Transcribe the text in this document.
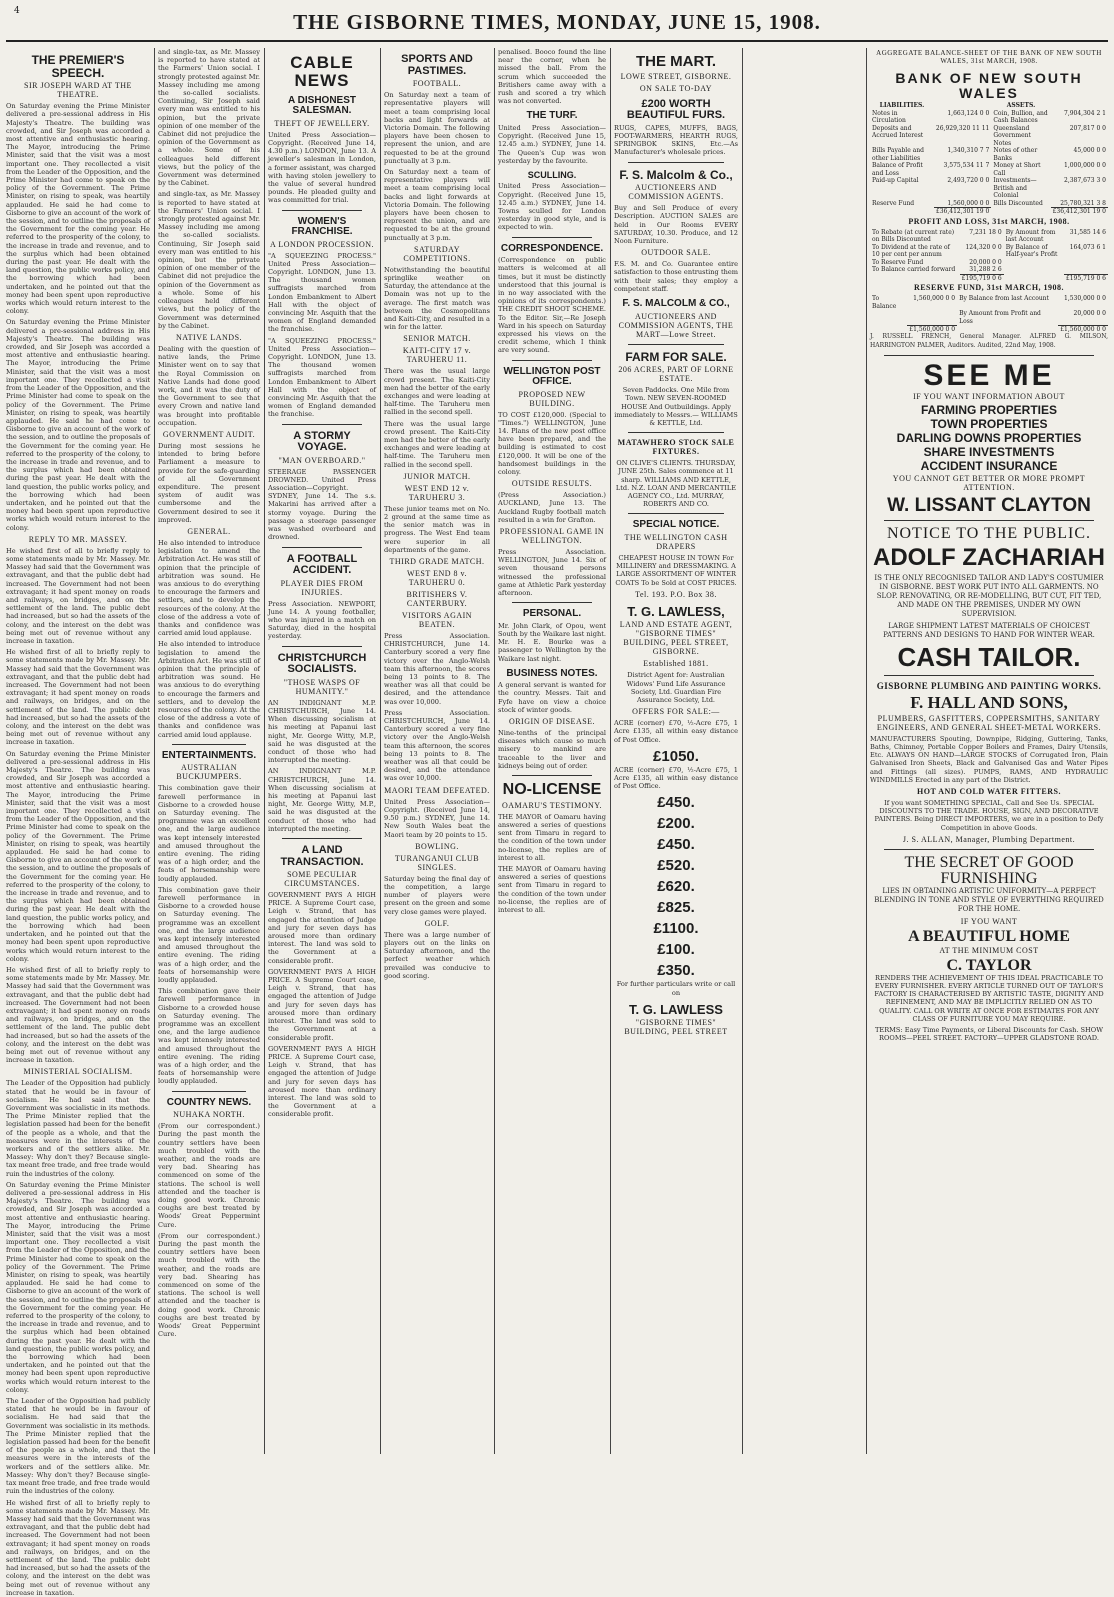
4	THE GISBORNE TIMES, MONDAY, JUNE 15, 1908.
THE PREMIER'S SPEECH.
SIR JOSEPH WARD AT THE THEATRE.

On Saturday evening the Prime Minister delivered a pre-sessional address in His Majesty's Theatre. The building was crowded, and Sir Joseph was accorded a most attentive and enthusiastic hearing. The Mayor, introducing the Prime Minister, said that the visit was a most important one. They recollected a visit from the Leader of the Opposition, and the Prime Minister had come to speak on the policy of the Government. The Prime Minister, on rising to speak, was heartily applauded. He said he had come to Gisborne to give an account of the work of the session, and to outline the proposals of the Government for the coming year. He referred to the prosperity of the colony, to the increase in trade and revenue, and to the surplus which had been obtained during the past year. He dealt with the land question, the public works policy, and the borrowing which had been undertaken, and he pointed out that the money had been spent upon reproductive works which would return interest to the colony.

On Saturday evening the Prime Minister delivered a pre-sessional address in His Majesty's Theatre. The building was crowded, and Sir Joseph was accorded a most attentive and enthusiastic hearing. The Mayor, introducing the Prime Minister, said that the visit was a most important one. They recollected a visit from the Leader of the Opposition, and the Prime Minister had come to speak on the policy of the Government. The Prime Minister, on rising to speak, was heartily applauded. He said he had come to Gisborne to give an account of the work of the session, and to outline the proposals of the Government for the coming year. He referred to the prosperity of the colony, to the increase in trade and revenue, and to the surplus which had been obtained during the past year. He dealt with the land question, the public works policy, and the borrowing which had been undertaken, and he pointed out that the money had been spent upon reproductive works which would return interest to the colony.

REPLY TO MR. MASSEY.

He wished first of all to briefly reply to some statements made by Mr. Massey. Mr. Massey had said that the Government was extravagant, and that the public debt had increased. The Government had not been extravagant; it had spent money on roads and railways, on bridges, and on the settlement of the land. The public debt had increased, but so had the assets of the colony, and the interest on the debt was being met out of revenue without any increase in taxation.

He wished first of all to briefly reply to some statements made by Mr. Massey. Mr. Massey had said that the Government was extravagant, and that the public debt had increased. The Government had not been extravagant; it had spent money on roads and railways, on bridges, and on the settlement of the land. The public debt had increased, but so had the assets of the colony, and the interest on the debt was being met out of revenue without any increase in taxation.

On Saturday evening the Prime Minister delivered a pre-sessional address in His Majesty's Theatre. The building was crowded, and Sir Joseph was accorded a most attentive and enthusiastic hearing. The Mayor, introducing the Prime Minister, said that the visit was a most important one. They recollected a visit from the Leader of the Opposition, and the Prime Minister had come to speak on the policy of the Government. The Prime Minister, on rising to speak, was heartily applauded. He said he had come to Gisborne to give an account of the work of the session, and to outline the proposals of the Government for the coming year. He referred to the prosperity of the colony, to the increase in trade and revenue, and to the surplus which had been obtained during the past year. He dealt with the land question, the public works policy, and the borrowing which had been undertaken, and he pointed out that the money had been spent upon reproductive works which would return interest to the colony.

He wished first of all to briefly reply to some statements made by Mr. Massey. Mr. Massey had said that the Government was extravagant, and that the public debt had increased. The Government had not been extravagant; it had spent money on roads and railways, on bridges, and on the settlement of the land. The public debt had increased, but so had the assets of the colony, and the interest on the debt was being met out of revenue without any increase in taxation.

MINISTERIAL SOCIALISM.

The Leader of the Opposition had publicly stated that he would be in favour of socialism. He had said that the Government was socialistic in its methods. The Prime Minister replied that the legislation passed had been for the benefit of the people as a whole, and that the measures were in the interests of the workers and of the settlers alike. Mr. Massey: Why don't they? Because single-tax meant free trade, and free trade would ruin the industries of the colony.

On Saturday evening the Prime Minister delivered a pre-sessional address in His Majesty's Theatre. The building was crowded, and Sir Joseph was accorded a most attentive and enthusiastic hearing. The Mayor, introducing the Prime Minister, said that the visit was a most important one. They recollected a visit from the Leader of the Opposition, and the Prime Minister had come to speak on the policy of the Government. The Prime Minister, on rising to speak, was heartily applauded. He said he had come to Gisborne to give an account of the work of the session, and to outline the proposals of the Government for the coming year. He referred to the prosperity of the colony, to the increase in trade and revenue, and to the surplus which had been obtained during the past year. He dealt with the land question, the public works policy, and the borrowing which had been undertaken, and he pointed out that the money had been spent upon reproductive works which would return interest to the colony.

The Leader of the Opposition had publicly stated that he would be in favour of socialism. He had said that the Government was socialistic in its methods. The Prime Minister replied that the legislation passed had been for the benefit of the people as a whole, and that the measures were in the interests of the workers and of the settlers alike. Mr. Massey: Why don't they? Because single-tax meant free trade, and free trade would ruin the industries of the colony.

He wished first of all to briefly reply to some statements made by Mr. Massey. Mr. Massey had said that the Government was extravagant, and that the public debt had increased. The Government had not been extravagant; it had spent money on roads and railways, on bridges, and on the settlement of the land. The public debt had increased, but so had the assets of the colony, and the interest on the debt was being met out of revenue without any increase in taxation.

and single-tax, as Mr. Massey is reported to have stated at the Farmers' Union social. I strongly protested against Mr. Massey including me among the so-called socialists. Continuing, Sir Joseph said every man was entitled to his opinion, but the private opinion of one member of the Cabinet did not prejudice the opinion of the Government as a whole. Some of his colleagues held different views, but the policy of the Government was determined by the Cabinet.

and single-tax, as Mr. Massey is reported to have stated at the Farmers' Union social. I strongly protested against Mr. Massey including me among the so-called socialists. Continuing, Sir Joseph said every man was entitled to his opinion, but the private opinion of one member of the Cabinet did not prejudice the opinion of the Government as a whole. Some of his colleagues held different views, but the policy of the Government was determined by the Cabinet.

NATIVE LANDS.

Dealing with the question of native lands, the Prime Minister went on to say that the Royal Commission on Native Lands had done good work, and it was the duty of the Government to see that every Crown and native land was brought into profitable occupation.

GOVERNMENT AUDIT.

During most sessions he intended to bring before Parliament a measure to provide for the safe-guarding of all Government expenditure. The present system of audit was cumbersome and the Government desired to see it improved.

GENERAL.

He also intended to introduce legislation to amend the Arbitration Act. He was still of opinion that the principle of arbitration was sound. He was anxious to do everything to encourage the farmers and settlers, and to develop the resources of the colony. At the close of the address a vote of thanks and confidence was carried amid loud applause.

He also intended to introduce legislation to amend the Arbitration Act. He was still of opinion that the principle of arbitration was sound. He was anxious to do everything to encourage the farmers and settlers, and to develop the resources of the colony. At the close of the address a vote of thanks and confidence was carried amid loud applause.

ENTERTAINMENTS.
AUSTRALIAN BUCKJUMPERS.

This combination gave their farewell performance in Gisborne to a crowded house on Saturday evening. The programme was an excellent one, and the large audience was kept intensely interested and amused throughout the entire evening. The riding was of a high order, and the feats of horsemanship were loudly applauded.

This combination gave their farewell performance in Gisborne to a crowded house on Saturday evening. The programme was an excellent one, and the large audience was kept intensely interested and amused throughout the entire evening. The riding was of a high order, and the feats of horsemanship were loudly applauded.

This combination gave their farewell performance in Gisborne to a crowded house on Saturday evening. The programme was an excellent one, and the large audience was kept intensely interested and amused throughout the entire evening. The riding was of a high order, and the feats of horsemanship were loudly applauded.

COUNTRY NEWS.
NUHAKA NORTH.

(From our correspondent.) During the past month the country settlers have been much troubled with the weather, and the roads are very bad. Shearing has commenced on some of the stations. The school is well attended and the teacher is doing good work. Chronic coughs are best treated by Woods' Great Peppermint Cure.

(From our correspondent.) During the past month the country settlers have been much troubled with the weather, and the roads are very bad. Shearing has commenced on some of the stations. The school is well attended and the teacher is doing good work. Chronic coughs are best treated by Woods' Great Peppermint Cure.

CABLE NEWS
A DISHONEST SALESMAN.
THEFT OF JEWELLERY.

United Press Association—Copyright. (Received June 14, 4.30 p.m.) LONDON, June 13. A jeweller's salesman in London, a former assistant, was charged with having stolen jewellery to the value of several hundred pounds. He pleaded guilty and was committed for trial.

WOMEN'S FRANCHISE.
A LONDON PROCESSION.

"A SQUEEZING PROCESS." United Press Association—Copyright. LONDON, June 13. The thousand women suffragists marched from London Embankment to Albert Hall with the object of convincing Mr. Asquith that the women of England demanded the franchise.

"A SQUEEZING PROCESS." United Press Association—Copyright. LONDON, June 13. The thousand women suffragists marched from London Embankment to Albert Hall with the object of convincing Mr. Asquith that the women of England demanded the franchise.

A STORMY VOYAGE.
"MAN OVERBOARD."

STEERAGE PASSENGER DROWNED. United Press Association—Copyright. SYDNEY, June 14. The s.s. Makarini has arrived after a stormy voyage. During the passage a steerage passenger was washed overboard and drowned.

A FOOTBALL ACCIDENT.
PLAYER DIES FROM INJURIES.

Press Association. NEWPORT, June 14. A young footballer, who was injured in a match on Saturday, died in the hospital yesterday.

CHRISTCHURCH SOCIALISTS.
"THOSE WASPS OF HUMANITY."

AN INDIGNANT M.P. CHRISTCHURCH, June 14. When discussing socialism at his meeting at Papanui last night, Mr. George Witty, M.P., said he was disgusted at the conduct of those who had interrupted the meeting.

AN INDIGNANT M.P. CHRISTCHURCH, June 14. When discussing socialism at his meeting at Papanui last night, Mr. George Witty, M.P., said he was disgusted at the conduct of those who had interrupted the meeting.

A LAND TRANSACTION.
SOME PECULIAR CIRCUMSTANCES.

GOVERNMENT PAYS A HIGH PRICE. A Supreme Court case, Leigh v. Strand, that has engaged the attention of Judge and jury for seven days has aroused more than ordinary interest. The land was sold to the Government at a considerable profit.

GOVERNMENT PAYS A HIGH PRICE. A Supreme Court case, Leigh v. Strand, that has engaged the attention of Judge and jury for seven days has aroused more than ordinary interest. The land was sold to the Government at a considerable profit.

GOVERNMENT PAYS A HIGH PRICE. A Supreme Court case, Leigh v. Strand, that has engaged the attention of Judge and jury for seven days has aroused more than ordinary interest. The land was sold to the Government at a considerable profit.

SPORTS AND PASTIMES.
FOOTBALL.

On Saturday next a team of representative players will meet a team comprising local backs and light forwards at Victoria Domain. The following players have been chosen to represent the union, and are requested to be at the ground punctually at 3 p.m.

On Saturday next a team of representative players will meet a team comprising local backs and light forwards at Victoria Domain. The following players have been chosen to represent the union, and are requested to be at the ground punctually at 3 p.m.

SATURDAY COMPETITIONS.

Notwithstanding the beautiful springlike weather on Saturday, the attendance at the Domain was not up to the average. The first match was between the Cosmopolitans and Kaiti-City, and resulted in a win for the latter.

SENIOR MATCH.
KAITI-CITY 17 v. TARUHERU 11.

There was the usual large crowd present. The Kaiti-City men had the better of the early exchanges and were leading at half-time. The Taruheru men rallied in the second spell.

There was the usual large crowd present. The Kaiti-City men had the better of the early exchanges and were leading at half-time. The Taruheru men rallied in the second spell.

JUNIOR MATCH.
WEST END 12 v. TARUHERU 3.

These junior teams met on No. 2 ground at the same time as the senior match was in progress. The West End team were superior in all departments of the game.

THIRD GRADE MATCH.
WEST END 8 v. TARUHERU 0.
BRITISHERS V. CANTERBURY.
VISITORS AGAIN BEATEN.

Press Association. CHRISTCHURCH, June 14. Canterbury scored a very fine victory over the Anglo-Welsh team this afternoon, the scores being 13 points to 8. The weather was all that could be desired, and the attendance was over 10,000.

Press Association. CHRISTCHURCH, June 14. Canterbury scored a very fine victory over the Anglo-Welsh team this afternoon, the scores being 13 points to 8. The weather was all that could be desired, and the attendance was over 10,000.

MAORI TEAM DEFEATED.

United Press Association—Copyright. (Received June 14, 9.50 p.m.) SYDNEY, June 14. New South Wales beat the Maori team by 20 points to 15.

BOWLING.
TURANGANUI CLUB SINGLES.

Saturday being the final day of the competition, a large number of players were present on the green and some very close games were played.

GOLF.

There was a large number of players out on the links on Saturday afternoon, and the perfect weather which prevailed was conducive to good scoring.

penalised. Booco found the line near the corner, when he missed the ball. From the scrum which succeeded the Britishers came away with a rush and scored a try which was not converted.

THE TURF.

United Press Association—Copyright. (Received June 15, 12.45 a.m.) SYDNEY, June 14. The Queen's Cup was won yesterday by the favourite.

SCULLING.

United Press Association—Copyright. (Received June 15, 12.45 a.m.) SYDNEY, June 14. Towns sculled for London yesterday in good style, and is expected to win.

CORRESPONDENCE.

(Correspondence on public matters is welcomed at all times, but it must be distinctly understood that this journal is in no way associated with the opinions of its correspondents.) THE CREDIT SHOOT SCHEME. To the Editor. Sir,—Re Joseph Ward in his speech on Saturday expressed his views on the credit scheme, which I think are very sound.

WELLINGTON POST OFFICE.
PROPOSED NEW BUILDING.

TO COST £120,000. (Special to "Times.") WELLINGTON, June 14. Plans of the new post office have been prepared, and the building is estimated to cost £120,000. It will be one of the handsomest buildings in the colony.

OUTSIDE RESULTS.

(Press Association.) AUCKLAND, June 13. The Auckland Rugby football match resulted in a win for Grafton.

PROFESSIONAL GAME IN WELLINGTON.

Press Association. WELLINGTON, June 14. Six of seven thousand persons witnessed the professional game at Athletic Park yesterday afternoon.

PERSONAL.

Mr. John Clark, of Opou, went South by the Waikare last night. Mr. H. E. Bourke was a passenger to Wellington by the Waikare last night.

BUSINESS NOTES.

A general servant is wanted for the country. Messrs. Tait and Fyfe have on view a choice stock of winter goods.

ORIGIN OF DISEASE.

Nine-tenths of the principal diseases which cause so much misery to mankind are traceable to the liver and kidneys being out of order.

NO-LICENSE
OAMARU'S TESTIMONY.

THE MAYOR of Oamaru having answered a series of questions sent from Timaru in regard to the condition of the town under no-license, the replies are of interest to all.

THE MAYOR of Oamaru having answered a series of questions sent from Timaru in regard to the condition of the town under no-license, the replies are of interest to all.

THE MART.
LOWE STREET, GISBORNE.
ON SALE TO-DAY
£200 WORTH BEAUTIFUL FURS.

RUGS, CAPES, MUFFS, BAGS, FOOT-WARMERS, HEARTH RUGS, SPRINGBOK SKINS, Etc.—As Manufacturer's wholesale prices.

F. S. Malcolm & Co.,
AUCTIONEERS AND COMMISSION AGENTS.

Buy and Sell Produce of every Description. AUCTION SALES are held in Our Rooms EVERY SATURDAY, 10.30. Produce, and 12 Noon Furniture.

OUTDOOR SALE.

F.S. M. and Co. Guarantee entire satisfaction to those entrusting them with their sales; they employ a competent staff.

F. S. MALCOLM & CO.,
AUCTIONEERS AND COMMISSION AGENTS, THE MART—Lowe Street.
FARM FOR SALE.
206 ACRES, PART OF LORNE ESTATE.

Seven Paddocks. One Mile from Town. NEW SEVEN-ROOMED HOUSE And Outbuildings. Apply immediately to Messrs.— WILLIAMS & KETTLE, Ltd.

MATAWHERO STOCK SALE FIXTURES.

ON CLIVE'S CLIENTS. THURSDAY, JUNE 25th. Sales commence at 11 sharp. WILLIAMS AND KETTLE, Ltd. N.Z. LOAN AND MERCANTILE AGENCY CO., Ltd. MURRAY, ROBERTS AND CO.

SPECIAL NOTICE.
THE WELLINGTON CASH DRAPERS

CHEAPEST HOUSE IN TOWN For MILLINERY and DRESSMAKING. A LARGE ASSORTMENT OF WINTER COATS To be Sold at COST PRICES.

Tel. 193. P.O. Box 38.
T. G. LAWLESS,
LAND AND ESTATE AGENT, "GISBORNE TIMES" BUILDING, PEEL STREET, GISBORNE.
Established 1881.

District Agent for: Australian Widows' Fund Life Assurance Society, Ltd. Guardian Fire Assurance Society, Ltd.

OFFERS FOR SALE:—

ACRE (corner) £70, ½-Acre £75, 1 Acre £135, all within easy distance of Post Office.

£1050.

ACRE (corner) £70, ½-Acre £75, 1 Acre £135, all within easy distance of Post Office.

£450.
£200.
£450.
£520.
£620.
£825.
£1100.
£100.
£350.

For further particulars write or call on

T. G. LAWLESS
"GISBORNE TIMES" BUILDING, PEEL STREET
AGGREGATE BALANCE-SHEET OF THE BANK OF NEW SOUTH WALES, 31st MARCH, 1908.
BANK OF NEW SOUTH WALES
LIABILITIES.		ASSETS.	
Notes in Circulation	1,663,124 0 0	Coin, Bullion, and Cash Balances	7,904,304 2 1
Deposits and Accrued Interest	26,929,320 11 11	Queensland Government Notes	207,817 0 0
Bills Payable and other Liabilities	1,340,310 7 7	Notes of other Banks	45,000 0 0
Balance of Profit and Loss	3,575,534 11 7	Money at Short Call	1,000,000 0 0
Paid-up Capital	2,493,720 0 0	Investments—British and Colonial	2,387,673 3 0
Reserve Fund	1,560,000 0 0	Bills Discounted	25,780,321 3 8
	£36,412,301 19 0		£36,412,301 19 0
PROFIT AND LOSS, 31st MARCH, 1908.
To Rebate (at current rate) on Bills Discounted	7,231 18 0	By Amount from last Account	31,585 14 6
To Dividend at the rate of 10 per cent per annum	124,320 0 0	By Balance of Half-year's Profit	164,073 6 1
To Reserve Fund	20,000 0 0		
To Balance carried forward	31,288 2 6		
	£195,719 0 6		£195,719 0 6
RESERVE FUND, 31st MARCH, 1908.
To Balance	1,560,000 0 0	By Balance from last Account	1,530,000 0 0
		By Amount from Profit and Loss	20,000 0 0
	£1,560,000 0 0		£1,560,000 0 0

J. RUSSELL FRENCH, General Manager. ALFRED G. MILSON, HARRINGTON PALMER, Auditors. Audited, 22nd May, 1908.

SEE ME
IF YOU WANT INFORMATION ABOUT
FARMING PROPERTIES
TOWN PROPERTIES
DARLING DOWNS PROPERTIES
SHARE INVESTMENTS
ACCIDENT INSURANCE
YOU CANNOT GET BETTER OR MORE PROMPT ATTENTION.
W. LISSANT CLAYTON
NOTICE TO THE PUBLIC.
ADOLF ZACHARIAH

IS THE ONLY RECOGNISED TAILOR AND LADY'S COSTUMIER IN GISBORNE. BEST WORK PUT INTO ALL GARMENTS. NO SLOP. RENOVATING, OR RE-MODELLING, BUT CUT, FIT TED, AND MADE ON THE PREMISES, UNDER MY OWN SUPERVISION.

LARGE SHIPMENT LATEST MATERIALS OF CHOICEST PATTERNS AND DESIGNS TO HAND FOR WINTER WEAR.

CASH TAILOR.
GISBORNE PLUMBING AND PAINTING WORKS.
F. HALL AND SONS,
PLUMBERS, GASFITTERS, COPPERSMITHS, SANITARY ENGINEERS, AND GENERAL SHEET-METAL WORKERS.

MANUFACTURERS Spouting, Downpipe, Ridging, Guttering, Tanks, Baths, Chimney, Portable Copper Boilers and Frames, Dairy Utensils, Etc. ALWAYS ON HAND—LARGE STOCKS of Corrugated Iron, Plain Galvanised Iron Sheets, Black and Galvanised Gas and Water Pipes and Fittings (all sizes). PUMPS, RAMS, AND HYDRAULIC WINDMILLS Erected in any part of the District.

HOT AND COLD WATER FITTERS.

If you want SOMETHING SPECIAL, Call and See Us. SPECIAL DISCOUNTS TO THE TRADE. HOUSE, SIGN, AND DECORATIVE PAINTERS. Being DIRECT IMPORTERS, we are in a position to Defy Competition in above Goods.

J. S. ALLAN, Manager, Plumbing Department.
THE SECRET OF GOOD FURNISHING

LIES IN OBTAINING ARTISTIC UNIFORMITY—A PERFECT BLENDING IN TONE AND STYLE OF EVERYTHING REQUIRED FOR THE HOME.

IF YOU WANT
A BEAUTIFUL HOME
AT THE MINIMUM COST
C. TAYLOR

RENDERS THE ACHIEVEMENT OF THIS IDEAL PRACTICABLE TO EVERY FURNISHER. EVERY ARTICLE TURNED OUT OF TAYLOR'S FACTORY IS CHARACTERISED BY ARTISTIC TASTE, DIGNITY AND REFINEMENT, AND MAY BE IMPLICITLY RELIED ON AS TO QUALITY. CALL OR WRITE AT ONCE FOR ESTIMATES FOR ANY CLASS OF FURNITURE YOU MAY REQUIRE.

TERMS: Easy Time Payments, or Liberal Discounts for Cash. SHOW ROOMS—PEEL STREET. FACTORY—UPPER GLADSTONE ROAD.
